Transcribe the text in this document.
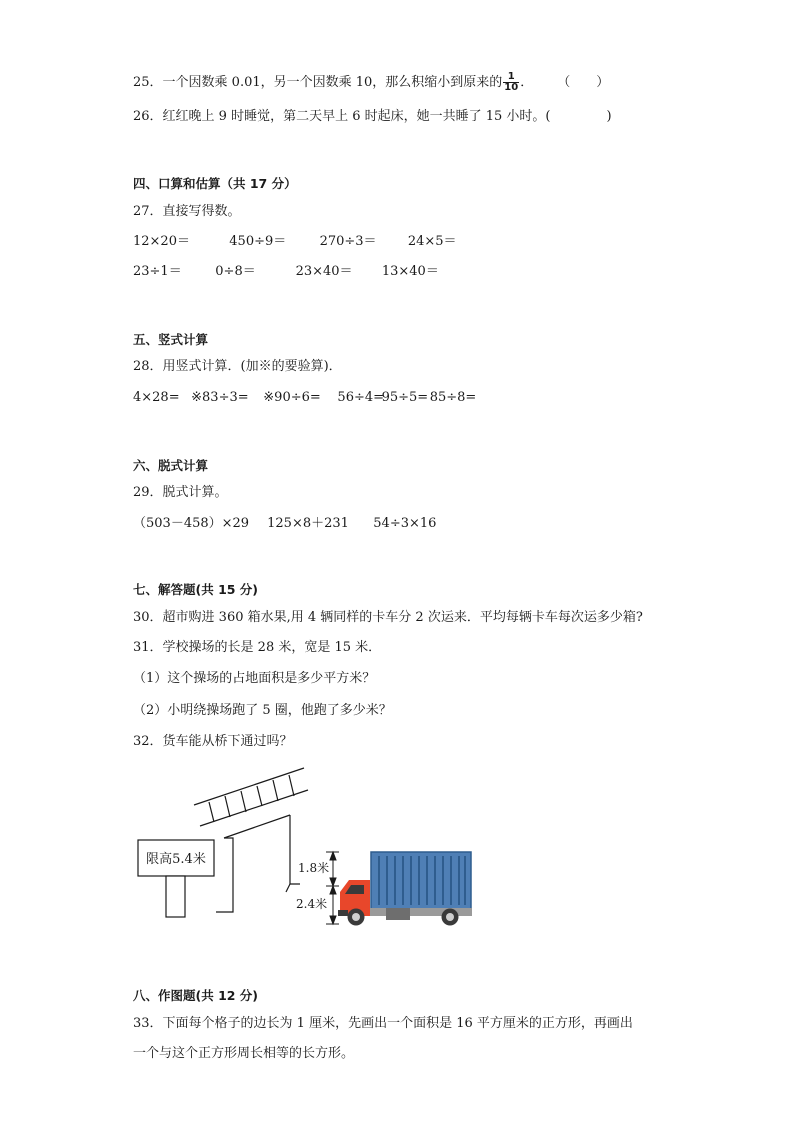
25．一个因数乘 0.01，另一个因数乘 10，那么积缩小到原来的 $\frac{1}{10}$ ． （　　）
26．红红晚上 9 时睡觉，第二天早上 6 时起床，她一共睡了 15 小时。(	)
四、口算和估算（共 17 分）
27．直接写得数。
12×20＝	450÷9＝	270÷3＝ 24×5＝
23÷1＝	0÷8＝	23×40＝ 13×40＝
五、竖式计算
28．用竖式计算．(加※的要验算)．
4×28= ※83÷3= ※90÷6= 56÷4= 95÷5= 85÷8=
六、脱式计算
29．脱式计算。
（503－458）×29 125×8＋231 54÷3×16
七、解答题(共 15 分)
30．超市购进 360 箱水果,用 4 辆同样的卡车分 2 次运来．平均每辆卡车每次运多少箱?
31．学校操场的长是 28 米，宽是 15 米．
（1）这个操场的占地面积是多少平方米？
（2）小明绕操场跑了 5 圈，他跑了多少米？
32．货车能从桥下通过吗？
限高5.4米
1.8米
2.4米
八、作图题(共 12 分)
33．下面每个格子的边长为 1 厘米，先画出一个面积是 16 平方厘米的正方形，再画出
一个与这个正方形周长相等的长方形。
